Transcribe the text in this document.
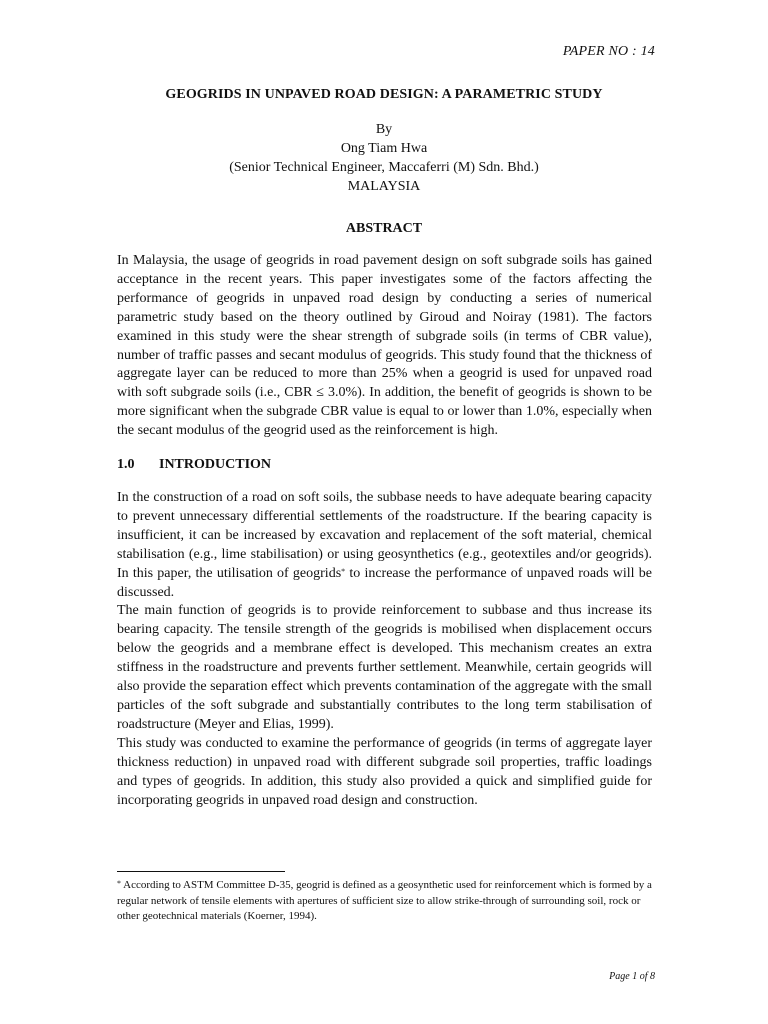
PAPER NO : 14
GEOGRIDS IN UNPAVED ROAD DESIGN: A PARAMETRIC STUDY
By
Ong Tiam Hwa
(Senior Technical Engineer, Maccaferri (M) Sdn. Bhd.)
MALAYSIA
ABSTRACT

In Malaysia, the usage of geogrids in road pavement design on soft subgrade soils has gained acceptance in the recent years. This paper investigates some of the factors affecting the performance of geogrids in unpaved road design by conducting a series of numerical parametric study based on the theory outlined by Giroud and Noiray (1981). The factors examined in this study were the shear strength of subgrade soils (in terms of CBR value), number of traffic passes and secant modulus of geogrids. This study found that the thickness of aggregate layer can be reduced to more than 25% when a geogrid is used for unpaved road with soft subgrade soils (i.e., CBR ≤ 3.0%). In addition, the benefit of geogrids is shown to be more significant when the subgrade CBR value is equal to or lower than 1.0%, especially when the secant modulus of the geogrid used as the reinforcement is high.

1.0 INTRODUCTION

In the construction of a road on soft soils, the subbase needs to have adequate bearing capacity to prevent unnecessary differential settlements of the roadstructure. If the bearing capacity is insufficient, it can be increased by excavation and replacement of the soft material, chemical stabilisation (e.g., lime stabilisation) or using geosynthetics (e.g., geotextiles and/or geogrids). In this paper, the utilisation of geogrids* to increase the performance of unpaved roads will be discussed.

The main function of geogrids is to provide reinforcement to subbase and thus increase its bearing capacity. The tensile strength of the geogrids is mobilised when displacement occurs below the geogrids and a membrane effect is developed. This mechanism creates an extra stiffness in the roadstructure and prevents further settlement. Meanwhile, certain geogrids will also provide the separation effect which prevents contamination of the aggregate with the small particles of the soft subgrade and substantially contributes to the long term stabilisation of roadstructure (Meyer and Elias, 1999).

This study was conducted to examine the performance of geogrids (in terms of aggregate layer thickness reduction) in unpaved road with different subgrade soil properties, traffic loadings and types of geogrids. In addition, this study also provided a quick and simplified guide for incorporating geogrids in unpaved road design and construction.

* According to ASTM Committee D-35, geogrid is defined as a geosynthetic used for reinforcement which is formed by a regular network of tensile elements with apertures of sufficient size to allow strike-through of surrounding soil, rock or other geotechnical materials (Koerner, 1994).
Page 1 of 8
